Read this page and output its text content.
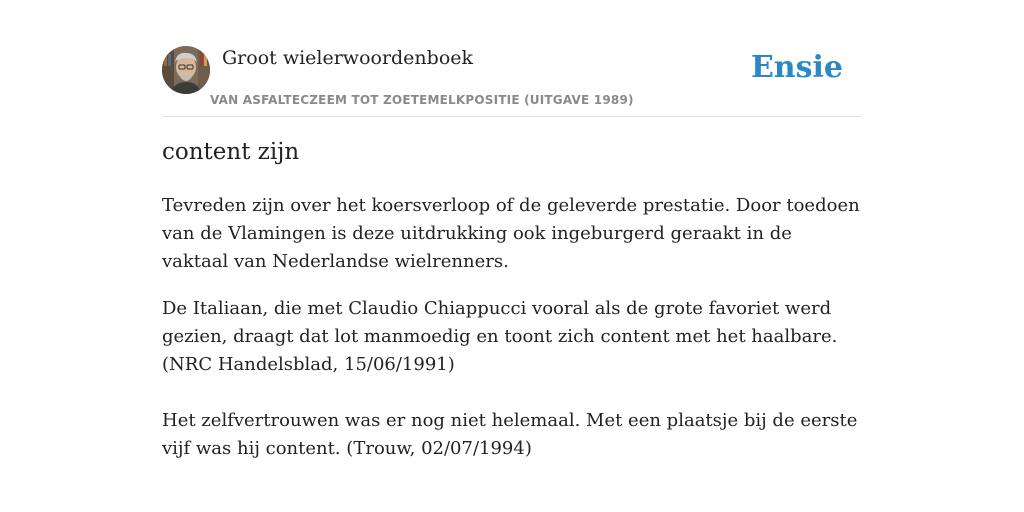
Groot wielerwoordenboek
VAN ASFALTECZEEM TOT ZOETEMELKPOSITIE (UITGAVE 1989)
Ensie
content zijn

Tevreden zijn over het koersverloop of de geleverde prestatie. Door toedoen van de Vlamingen is deze uitdrukking ook ingeburgerd geraakt in de vaktaal van Nederlandse wielrenners.

De Italiaan, die met Claudio Chiappucci vooral als de grote favoriet werd gezien, draagt dat lot manmoedig en toont zich content met het haalbare. (NRC Handelsblad, 15/06/1991)

Het zelfvertrouwen was er nog niet helemaal. Met een plaatsje bij de eerste vijf was hij content. (Trouw, 02/07/1994)
